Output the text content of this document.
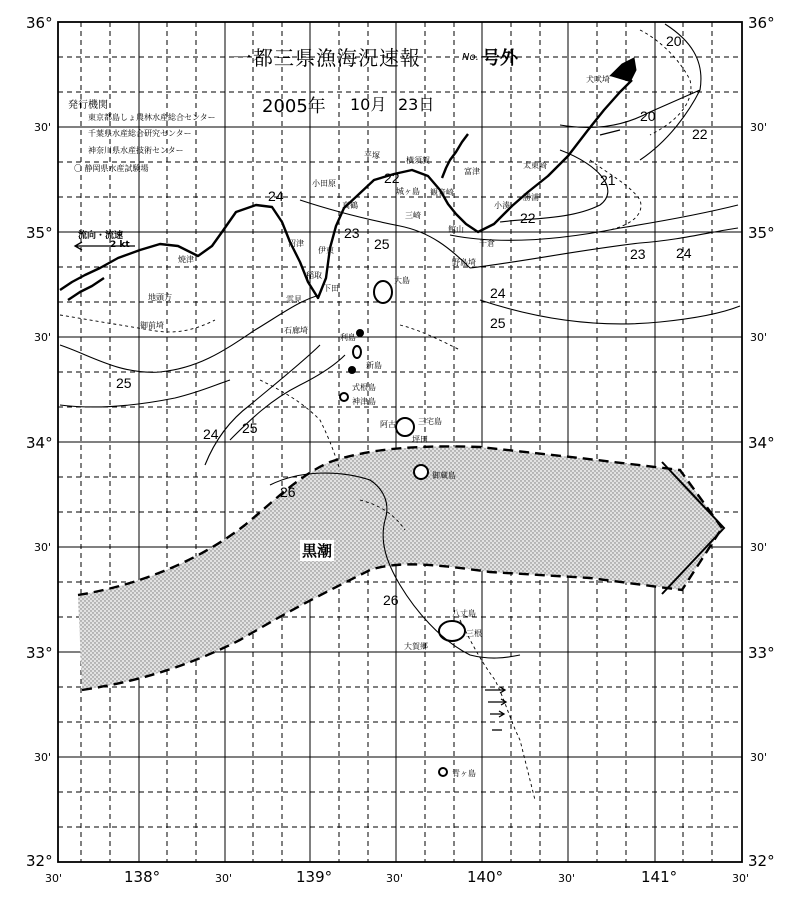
一都三県漁海況速報	No. 号外
2005年 10月 23日
発行機関
東京都島しょ農林水産総合センター
千葉県水産総合研究センター
神奈川県水産技術センター
〇 静岡県水産試験場
流向・流速
2 kt
黒潮
36°
30'
35°
30'
34°
30'
33°
30'
32°
36°
30'
35°
30'
34°
30'
33°
30'
32°
30'	138°	30'	139°	30'	140°	30'	141°	30'
20
20
22
21
22
23 24
22
24
23
25
24
25
25
24 25
26
26
犬吠埼
太東崎
勝浦
小湊
千倉
野島埼
館山
富津
観音崎
横須賀
三崎
城ヶ島
平塚
小田原
真鶴
沼津
伊東
稲取
下田
雲見
焼津
御前埼
地頭方
石廊埼
大島
利島
新島
式根島
神津島
三宅島
阿古
坪田
御蔵島
八丈島
三根
大賀郷
青ヶ島
